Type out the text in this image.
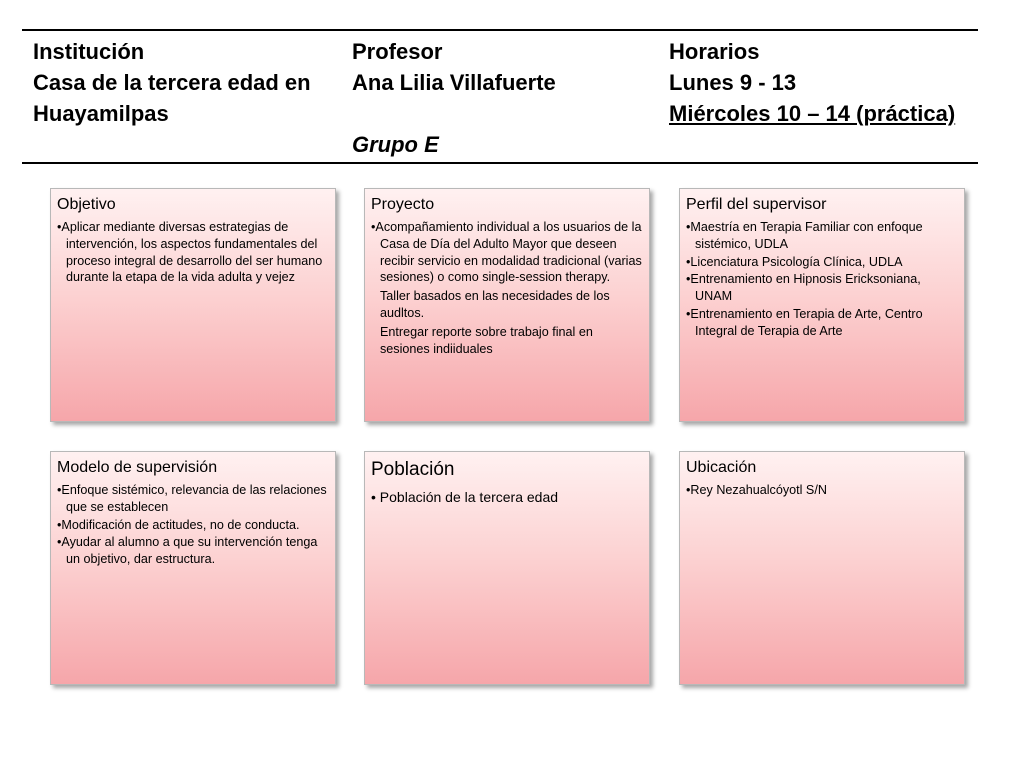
Institución
Casa de la tercera edad en
Huayamilpas
Profesor
Ana Lilia Villafuerte
Grupo E
Horarios
Lunes 9 - 13
Miércoles 10 – 14 (práctica)
Objetivo
• Aplicar mediante diversas estrategias de intervención, los aspectos fundamentales del proceso integral de desarrollo del ser humano durante la etapa de la vida adulta y vejez
Proyecto
• Acompañamiento individual a los usuarios de la Casa de Día del Adulto Mayor que deseen recibir servicio en modalidad tradicional (varias sesiones) o como single-session therapy.
Taller basados en las necesidades de los audltos.
Entregar reporte sobre trabajo final en sesiones indiiduales
Perfil del supervisor
• Maestría en Terapia Familiar con enfoque sistémico, UDLA
• Licenciatura Psicología Clínica, UDLA
• Entrenamiento en Hipnosis Ericksoniana, UNAM
• Entrenamiento en Terapia de Arte, Centro Integral de Terapia de Arte
Modelo de supervisión
• Enfoque sistémico, relevancia de las relaciones que se establecen
• Modificación de actitudes, no de conducta.
• Ayudar al alumno a que su intervención tenga un objetivo, dar estructura.
Población
• Población de la tercera edad
Ubicación
• Rey Nezahualcóyotl S/N
